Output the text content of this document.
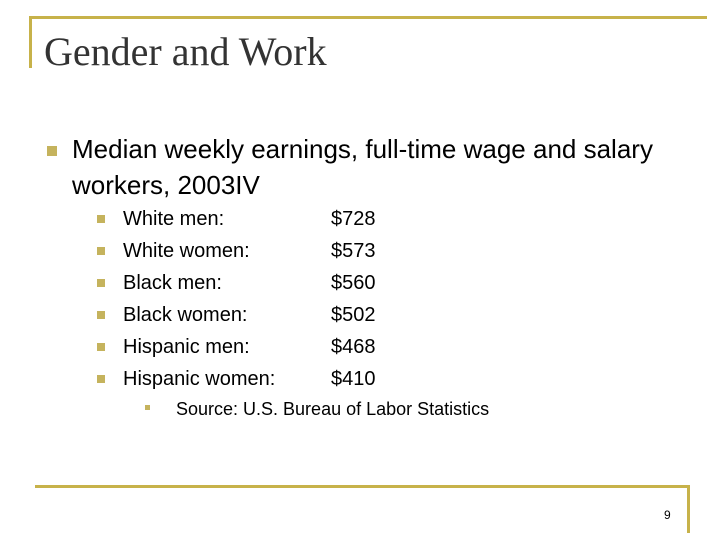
Gender and Work
Median weekly earnings, full-time wage and salary workers, 2003IV
White men:	$728
White women:	$573
Black men:	$560
Black women:	$502
Hispanic men:	$468
Hispanic women:	$410
Source: U.S. Bureau of Labor Statistics
9
